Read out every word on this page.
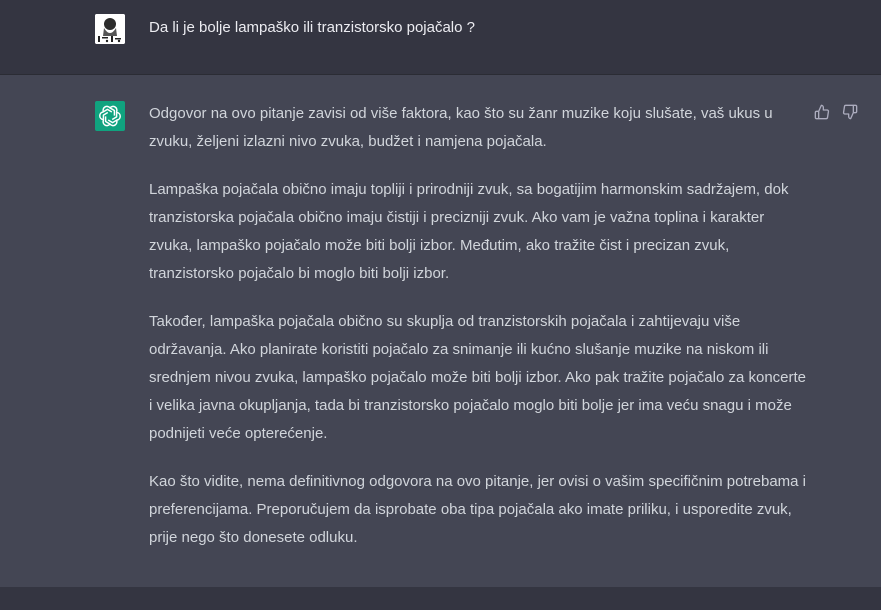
Da li je bolje lampaško ili tranzistorsko pojačalo ?

Odgovor na ovo pitanje zavisi od više faktora, kao što su žanr muzike koju slušate, vaš ukus u zvuku, željeni izlazni nivo zvuka, budžet i namjena pojačala.

Lampaška pojačala obično imaju topliji i prirodniji zvuk, sa bogatijim harmonskim sadržajem, dok tranzistorska pojačala obično imaju čistiji i precizniji zvuk. Ako vam je važna toplina i karakter zvuka, lampaško pojačalo može biti bolji izbor. Međutim, ako tražite čist i precizan zvuk, tranzistorsko pojačalo bi moglo biti bolji izbor.

Također, lampaška pojačala obično su skuplja od tranzistorskih pojačala i zahtijevaju više održavanja. Ako planirate koristiti pojačalo za snimanje ili kućno slušanje muzike na niskom ili srednjem nivou zvuka, lampaško pojačalo može biti bolji izbor. Ako pak tražite pojačalo za koncerte i velika javna okupljanja, tada bi tranzistorsko pojačalo moglo biti bolje jer ima veću snagu i može podnijeti veće opterećenje.

Kao što vidite, nema definitivnog odgovora na ovo pitanje, jer ovisi o vašim specifičnim potrebama i preferencijama. Preporučujem da isprobate oba tipa pojačala ako imate priliku, i usporedite zvuk, prije nego što donesete odluku.
